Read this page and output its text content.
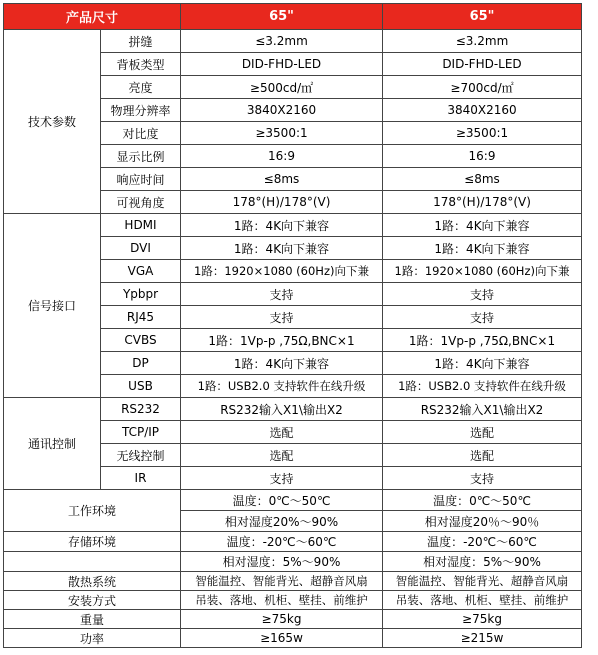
产品尺寸		65"	65"
技术参数	拼缝	≤3.2mm	≤3.2mm
	背板类型	DID-FHD-LED	DID-FHD-LED
	亮度	≥500cd/㎡	≥700cd/㎡
	物理分辨率	3840X2160	3840X2160
	对比度	≥3500:1	≥3500:1
	显示比例	16:9	16:9
	响应时间	≤8ms	≤8ms
	可视角度	178°(H)/178°(V)	178°(H)/178°(V)
信号接口	HDMI	1路：4K向下兼容	1路：4K向下兼容
	DVI	1路：4K向下兼容	1路：4K向下兼容
	VGA	1路：1920×1080 (60Hz)向下兼	1路：1920×1080 (60Hz)向下兼
	Ypbpr	支持	支持
	RJ45	支持	支持
	CVBS	1路：1Vp-p ,75Ω,BNC×1	1路：1Vp-p ,75Ω,BNC×1
	DP	1路：4K向下兼容	1路：4K向下兼容
	USB	1路：USB2.0 支持软件在线升级	1路：USB2.0 支持软件在线升级
通讯控制	RS232	RS232输入X1\输出X2	RS232输入X1\输出X2
	TCP/IP	选配	选配
	无线控制	选配	选配
	IR	支持	支持
工作环境		温度：0℃～50℃	温度：0℃～50℃
		相对湿度20%～90%	相对湿度20％～90％
存储环境		温度：-20℃～60℃	温度：-20℃～60℃
		相对湿度：5%～90%	相对湿度：5%～90%
散热系统		智能温控、智能背光、超静音风扇	智能温控、智能背光、超静音风扇
安装方式		吊装、落地、机柜、壁挂、前维护	吊装、落地、机柜、壁挂、前维护
重量		≥75kg	≥75kg
功率		≥165w	≥215w
